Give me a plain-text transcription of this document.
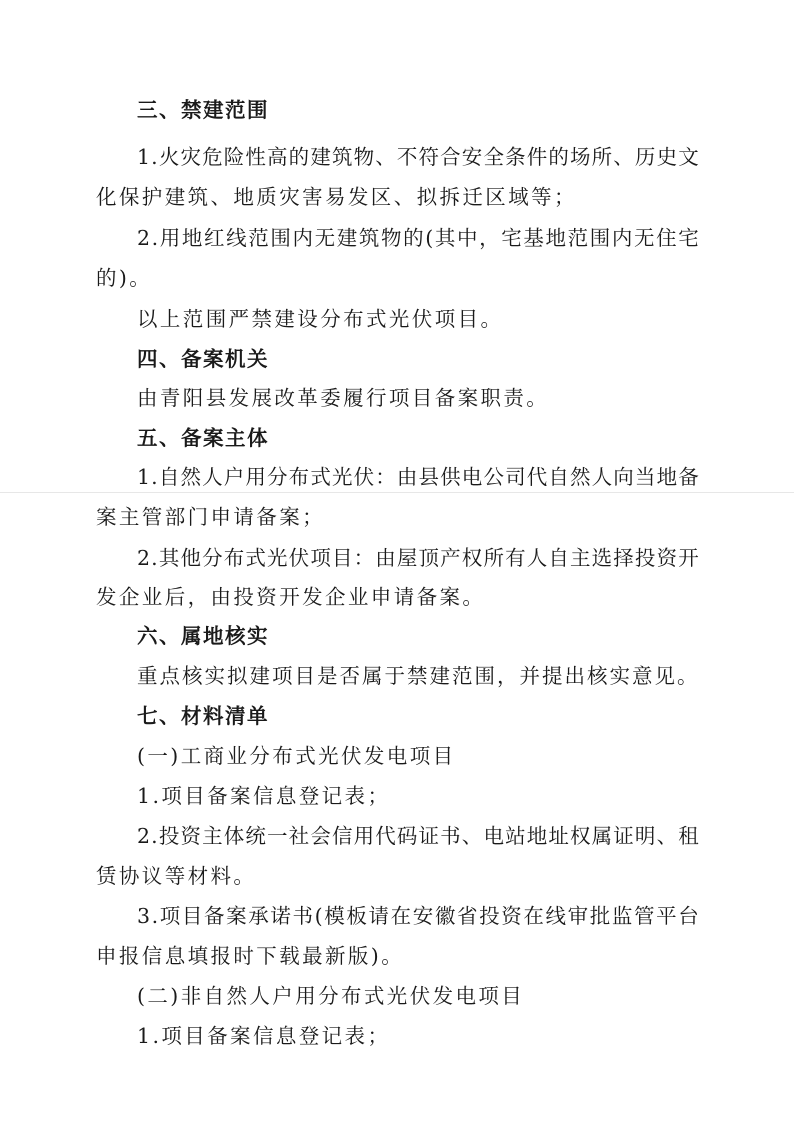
三、禁建范围
1.火灾危险性高的建筑物、不符合安全条件的场所、历史文
化保护建筑、地质灾害易发区、拟拆迁区域等；
2.用地红线范围内无建筑物的(其中，宅基地范围内无住宅
的)。
以上范围严禁建设分布式光伏项目。
四、备案机关
由青阳县发展改革委履行项目备案职责。
五、备案主体
1.自然人户用分布式光伏：由县供电公司代自然人向当地备
案主管部门申请备案；
2.其他分布式光伏项目：由屋顶产权所有人自主选择投资开
发企业后，由投资开发企业申请备案。
六、属地核实
重点核实拟建项目是否属于禁建范围，并提出核实意见。
七、材料清单
(一)工商业分布式光伏发电项目
1.项目备案信息登记表；
2.投资主体统一社会信用代码证书、电站地址权属证明、租
赁协议等材料。
3.项目备案承诺书(模板请在安徽省投资在线审批监管平台
申报信息填报时下载最新版)。
(二)非自然人户用分布式光伏发电项目
1.项目备案信息登记表；
